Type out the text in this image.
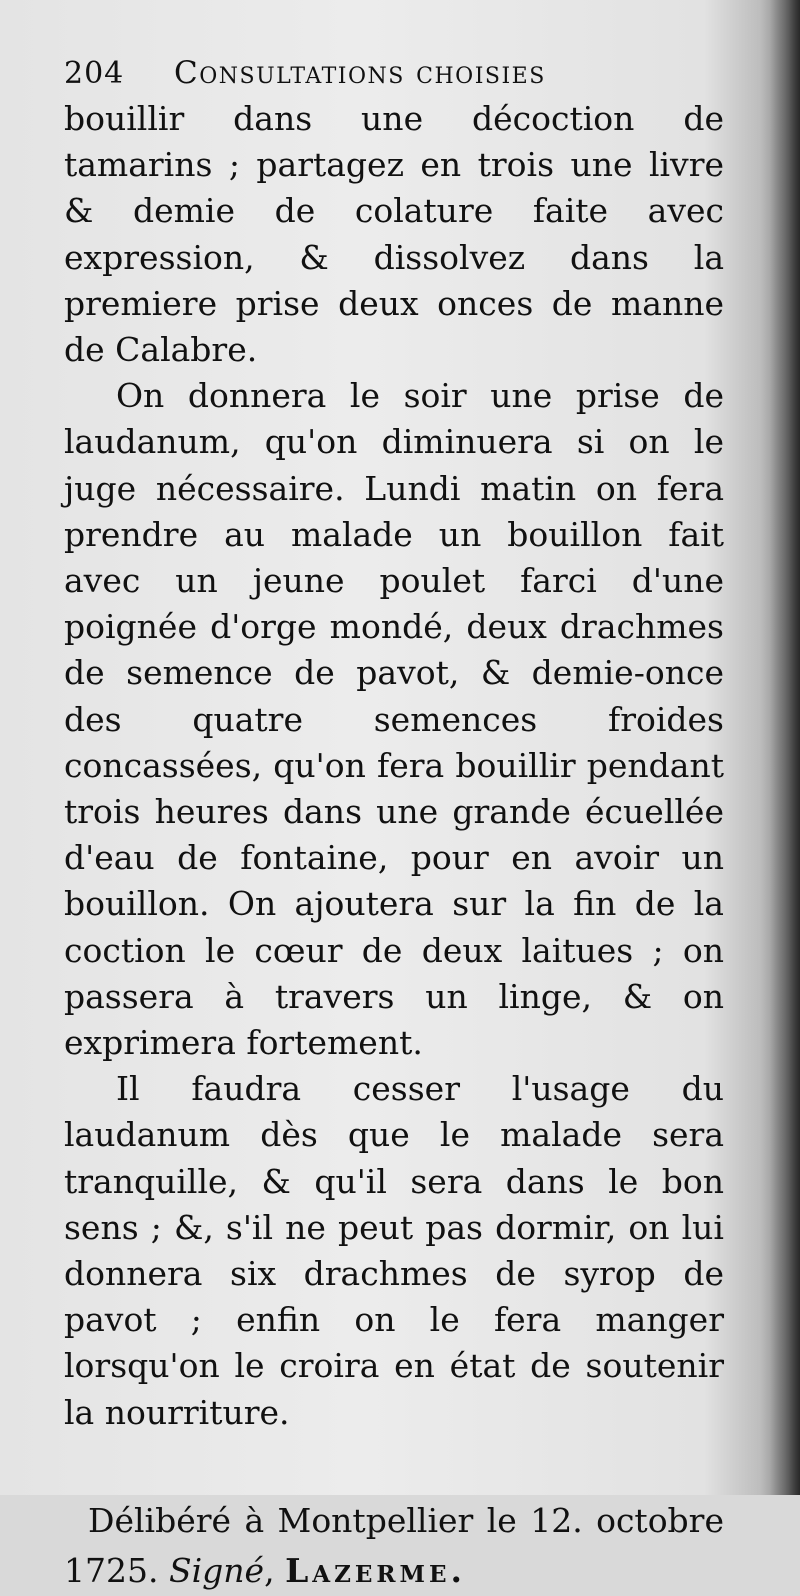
204	Consultations choisies

bouillir dans une décoction de tamarins ; partagez en trois une livre & demie de colature faite avec expression, & dissolvez dans la premiere prise deux onces de manne de Calabre.

On donnera le soir une prise de laudanum, qu'on diminuera si on le juge nécessaire. Lundi matin on fera prendre au malade un bouillon fait avec un jeune poulet farci d'une poignée d'orge mondé, deux drachmes de semence de pavot, & demie-once des quatre semences froides concassées, qu'on fera bouillir pendant trois heures dans une grande écuellée d'eau de fontaine, pour en avoir un bouillon. On ajoutera sur la fin de la coction le cœur de deux laitues ; on passera à travers un linge, & on exprimera fortement.

Il faudra cesser l'usage du laudanum dès que le malade sera tranquille, & qu'il sera dans le bon sens ; &, s'il ne peut pas dormir, on lui donnera six drachmes de syrop de pavot ; enfin on le fera manger lorsqu'on le croira en état de soutenir la nourriture.

Délibéré à Montpellier le 12. octobre 1725. Signé, Lazerme.
